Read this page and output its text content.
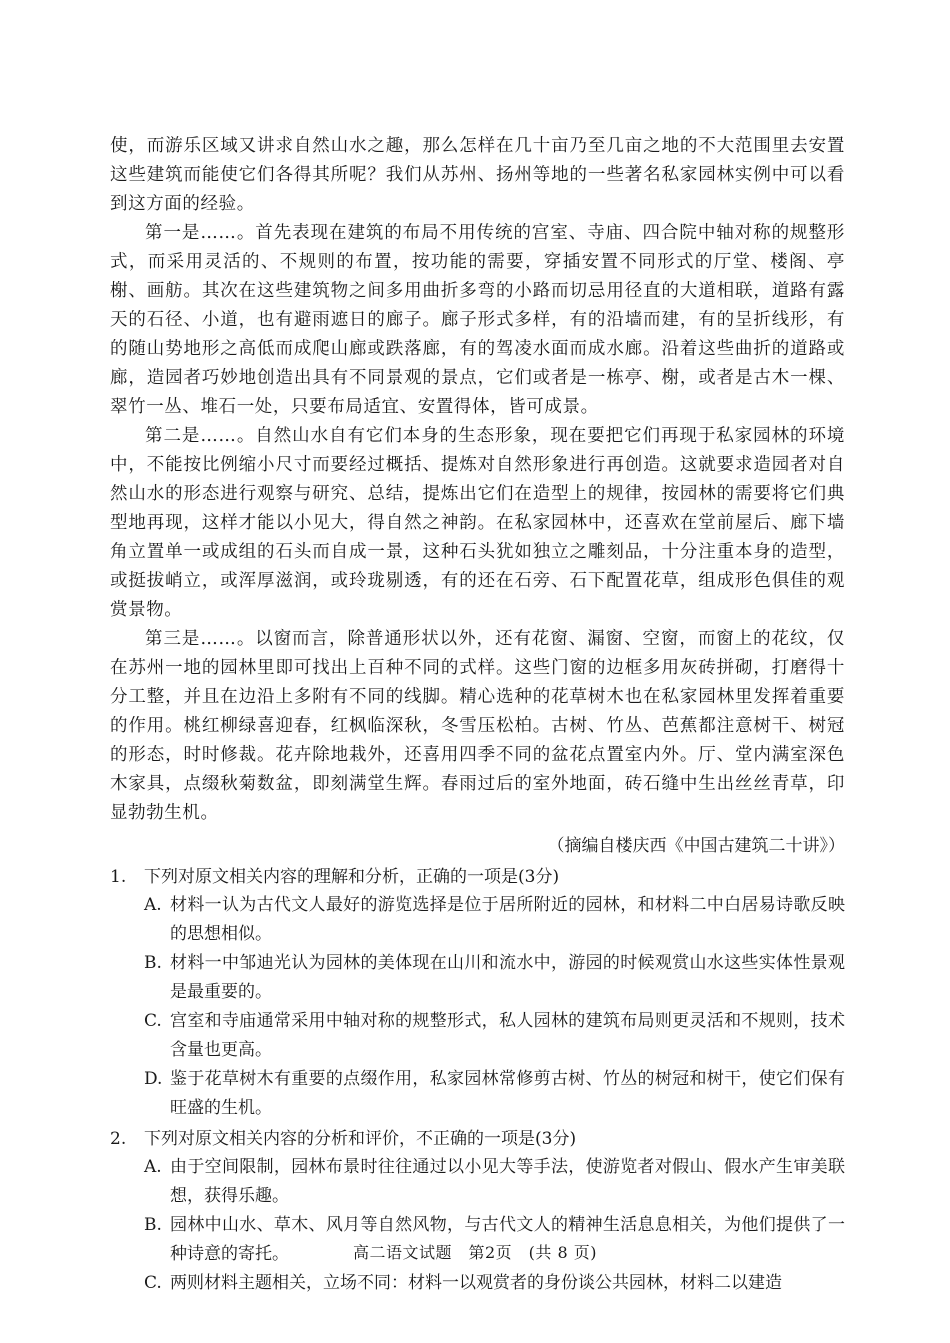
使，而游乐区域又讲求自然山水之趣，那么怎样在几十亩乃至几亩之地的不大范围里去安置这些建筑而能使它们各得其所呢？我们从苏州、扬州等地的一些著名私家园林实例中可以看到这方面的经验。

第一是……。首先表现在建筑的布局不用传统的宫室、寺庙、四合院中轴对称的规整形式，而采用灵活的、不规则的布置，按功能的需要，穿插安置不同形式的厅堂、楼阁、亭榭、画舫。其次在这些建筑物之间多用曲折多弯的小路而切忌用径直的大道相联，道路有露天的石径、小道，也有避雨遮日的廊子。廊子形式多样，有的沿墙而建，有的呈折线形，有的随山势地形之高低而成爬山廊或跌落廊，有的驾凌水面而成水廊。沿着这些曲折的道路或廊，造园者巧妙地创造出具有不同景观的景点，它们或者是一栋亭、榭，或者是古木一棵、翠竹一丛、堆石一处，只要布局适宜、安置得体，皆可成景。

第二是……。自然山水自有它们本身的生态形象，现在要把它们再现于私家园林的环境中，不能按比例缩小尺寸而要经过概括、提炼对自然形象进行再创造。这就要求造园者对自然山水的形态进行观察与研究、总结，提炼出它们在造型上的规律，按园林的需要将它们典型地再现，这样才能以小见大，得自然之神韵。在私家园林中，还喜欢在堂前屋后、廊下墙角立置单一或成组的石头而自成一景，这种石头犹如独立之雕刻品，十分注重本身的造型，或挺拔峭立，或浑厚滋润，或玲珑剔透，有的还在石旁、石下配置花草，组成形色俱佳的观赏景物。

第三是……。以窗而言，除普通形状以外，还有花窗、漏窗、空窗，而窗上的花纹，仅在苏州一地的园林里即可找出上百种不同的式样。这些门窗的边框多用灰砖拼砌，打磨得十分工整，并且在边沿上多附有不同的线脚。精心选种的花草树木也在私家园林里发挥着重要的作用。桃红柳绿喜迎春，红枫临深秋，冬雪压松柏。古树、竹丛、芭蕉都注意树干、树冠的形态，时时修裁。花卉除地栽外，还喜用四季不同的盆花点置室内外。厅、堂内满室深色木家具，点缀秋菊数盆，即刻满堂生辉。春雨过后的室外地面，砖石缝中生出丝丝青草，印显勃勃生机。

（摘编自楼庆西《中国古建筑二十讲》）

1. 下列对原文相关内容的理解和分析，正确的一项是(3分)
A. 材料一认为古代文人最好的游览选择是位于居所附近的园林，和材料二中白居易诗歌反映的思想相似。
B. 材料一中邹迪光认为园林的美体现在山川和流水中，游园的时候观赏山水这些实体性景观是最重要的。
C. 宫室和寺庙通常采用中轴对称的规整形式，私人园林的建筑布局则更灵活和不规则，技术含量也更高。
D. 鉴于花草树木有重要的点缀作用，私家园林常修剪古树、竹丛的树冠和树干，使它们保有旺盛的生机。
2. 下列对原文相关内容的分析和评价，不正确的一项是(3分)
A. 由于空间限制，园林布景时往往通过以小见大等手法，使游览者对假山、假水产生审美联想，获得乐趣。
B. 园林中山水、草木、风月等自然风物，与古代文人的精神生活息息相关，为他们提供了一种诗意的寄托。
C. 两则材料主题相关，立场不同：材料一以观赏者的身份谈公共园林，材料二以建造
高二语文试题　第2页　(共 8 页)
